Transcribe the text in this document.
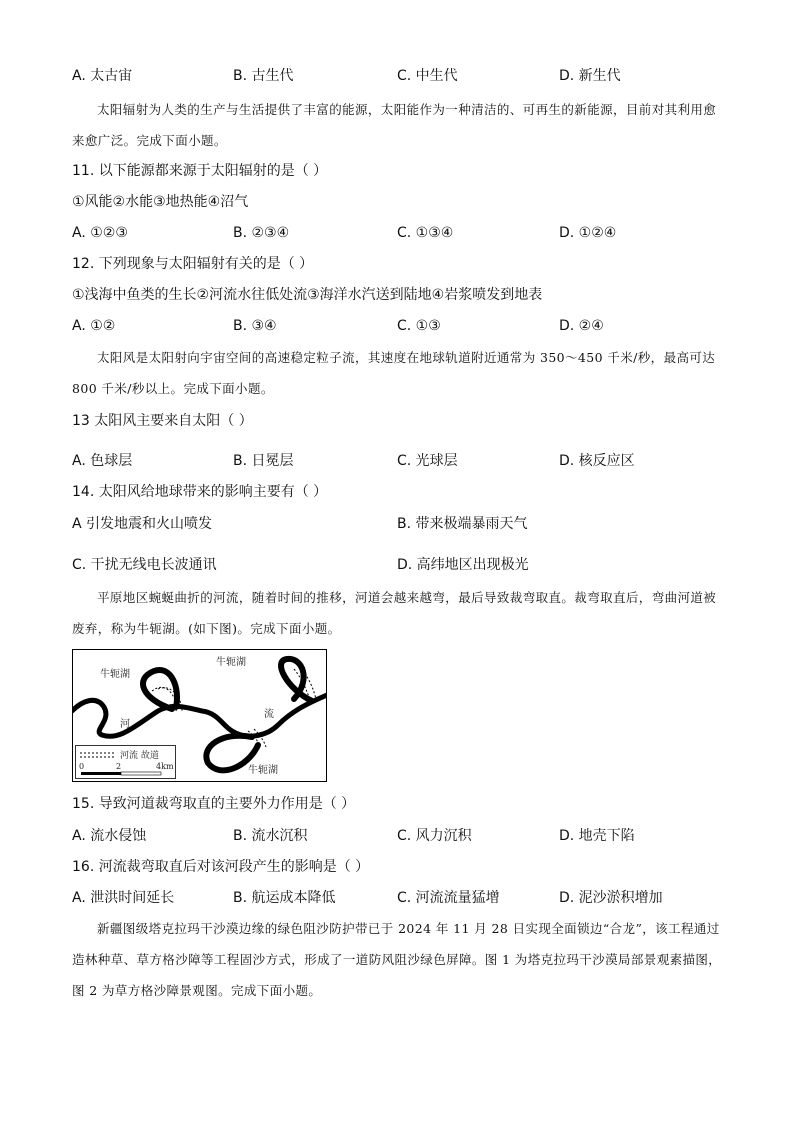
A. 太古宙	B. 古生代	C. 中生代	D. 新生代
太阳辐射为人类的生产与生活提供了丰富的能源，太阳能作为一种清洁的、可再生的新能源，目前对其利用愈来愈广泛。完成下面小题。
11. 以下能源都来源于太阳辐射的是（ ）
①风能②水能③地热能④沼气
A. ①②③	B. ②③④	C. ①③④	D. ①②④
12. 下列现象与太阳辐射有关的是（ ）
①浅海中鱼类的生长②河流水往低处流③海洋水汽送到陆地④岩浆喷发到地表
A. ①②	B. ③④	C. ①③	D. ②④
太阳风是太阳射向宇宙空间的高速稳定粒子流，其速度在地球轨道附近通常为 350～450 千米/秒，最高可达 800 千米/秒以上。完成下面小题。
13 太阳风主要来自太阳（ ）
A. 色球层	B. 日冕层	C. 光球层	D. 核反应区
14. 太阳风给地球带来的影响主要有（ ）
A 引发地震和火山喷发	B. 带来极端暴雨天气
C. 干扰无线电长波通讯	D. 高纬地区出现极光
平原地区蜿蜒曲折的河流，随着时间的推移，河道会越来越弯，最后导致裁弯取直。裁弯取直后，弯曲河道被废弃，称为牛轭湖。(如下图)。完成下面小题。
牛轭湖
牛轭湖
牛轭湖
河
流
河流 故道
0	2	4km
15. 导致河道裁弯取直的主要外力作用是（ ）
A. 流水侵蚀	B. 流水沉积	C. 风力沉积	D. 地壳下陷
16. 河流裁弯取直后对该河段产生的影响是（ ）
A. 泄洪时间延长	B. 航运成本降低	C. 河流流量猛增	D. 泥沙淤积增加
新疆图级塔克拉玛干沙漠边缘的绿色阻沙防护带已于 2024 年 11 月 28 日实现全面锁边“合龙”，该工程通过造林种草、草方格沙障等工程固沙方式，形成了一道防风阻沙绿色屏障。图 1 为塔克拉玛干沙漠局部景观素描图，图 2 为草方格沙障景观图。完成下面小题。
